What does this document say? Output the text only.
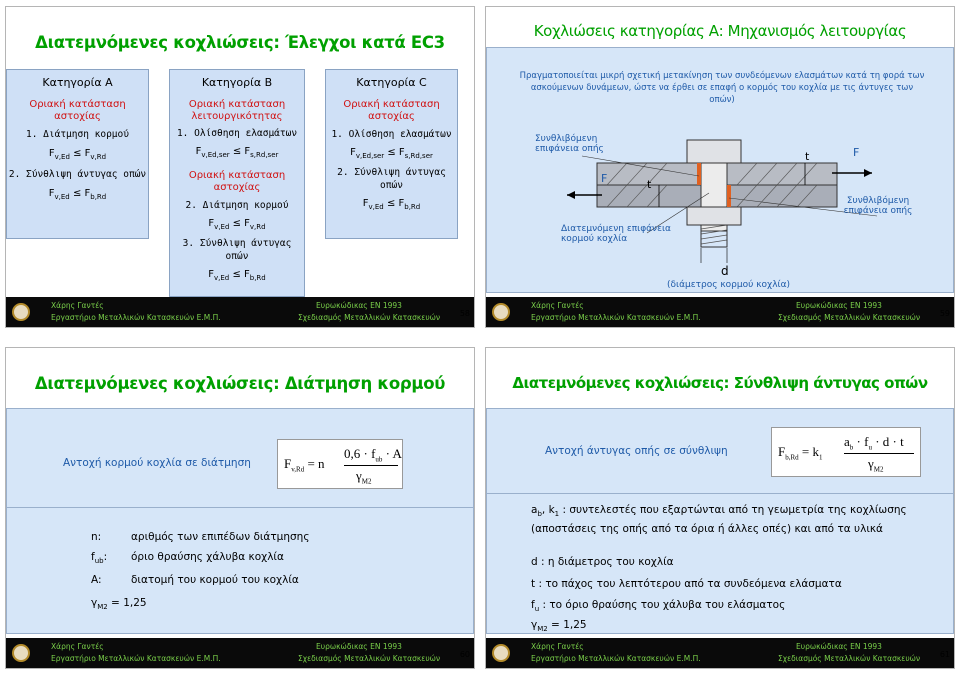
Διατεμνόμενες κοχλιώσεις: Έλεγχοι κατά EC3
Κατηγορία A
Οριακή κατάσταση αστοχίας
1. Διάτμηση κορμού
$F_{v,Ed} \le F_{v,Rd}$
2. Σύνθλιψη άντυγας οπών
$F_{v,Ed} \le F_{b,Rd}$
Κατηγορία B
Οριακή κατάσταση λειτουργικότητας
1. Ολίσθηση ελασμάτων
$F_{v,Ed,ser} \le F_{s,Rd,ser}$
Οριακή κατάσταση αστοχίας
2. Διάτμηση κορμού
$F_{v,Ed} \le F_{v,Rd}$
3. Σύνθλιψη άντυγας οπών
$F_{v,Ed} \le F_{b,Rd}$
Κατηγορία C
Οριακή κατάσταση αστοχίας
1. Ολίσθηση ελασμάτων
$F_{v,Ed,ser} \le F_{s,Rd,ser}$
2. Σύνθλιψη άντυγας οπών
$F_{v,Ed} \le F_{b,Rd}$
Χάρης Γαντές
Εργαστήριο Μεταλλικών Κατασκευών Ε.Μ.Π.
Ευρωκώδικας EN 1993
Σχεδιασμός Μεταλλικών Κατασκευών 58
Κοχλιώσεις κατηγορίας Α: Μηχανισμός λειτουργίας
Πραγματοποιείται μικρή σχετική μετακίνηση των συνδεόμενων ελασμάτων κατά τη φορά των ασκούμενων δυνάμεων, ώστε να έρθει σε επαφή ο κορμός του κοχλία με τις άντυγες των οπών)
Συνθλιβόμενη επιφάνεια οπής
Συνθλιβόμενη επιφάνεια οπής
Διατεμνόμενη επιφάνεια κορμού κοχλία
d
(διάμετρος κορμού κοχλία)
F
F
t
t
Χάρης Γαντές
Εργαστήριο Μεταλλικών Κατασκευών Ε.Μ.Π.
Ευρωκώδικας EN 1993
Σχεδιασμός Μεταλλικών Κατασκευών 59
Διατεμνόμενες κοχλιώσεις: Διάτμηση κορμού
Αντοχή κορμού κοχλία σε διάτμηση	$F_{v,Rd} = n$
$0,6 \cdot f_{ub} \cdot A$
$\gamma_{M2}$
n:	αριθμός των επιπέδων διάτμησης
$f_{ub}$: όριο θραύσης χάλυβα κοχλία
A:	διατομή του κορμού του κοχλία
$\gamma_{M2} = 1,25$
Χάρης Γαντές
Εργαστήριο Μεταλλικών Κατασκευών Ε.Μ.Π.
Ευρωκώδικας EN 1993
Σχεδιασμός Μεταλλικών Κατασκευών 60
Διατεμνόμενες κοχλιώσεις: Σύνθλιψη άντυγας οπών
Αντοχή άντυγας οπής σε σύνθλιψη	$F_{b,Rd} = k_1$
$a_b \cdot f_u \cdot d \cdot t$
$\gamma_{M2}$
$a_b$, $k_1$ : συντελεστές που εξαρτώνται από τη γεωμετρία της κοχλίωσης (αποστάσεις της οπής από τα όρια ή άλλες οπές) και από τα υλικά
d : η διάμετρος του κοχλία
t : το πάχος του λεπτότερου από τα συνδεόμενα ελάσματα
$f_u$ : το όριο θραύσης του χάλυβα του ελάσματος
$\gamma_{M2} = 1,25$
Χάρης Γαντές
Εργαστήριο Μεταλλικών Κατασκευών Ε.Μ.Π.
Ευρωκώδικας EN 1993
Σχεδιασμός Μεταλλικών Κατασκευών 61
